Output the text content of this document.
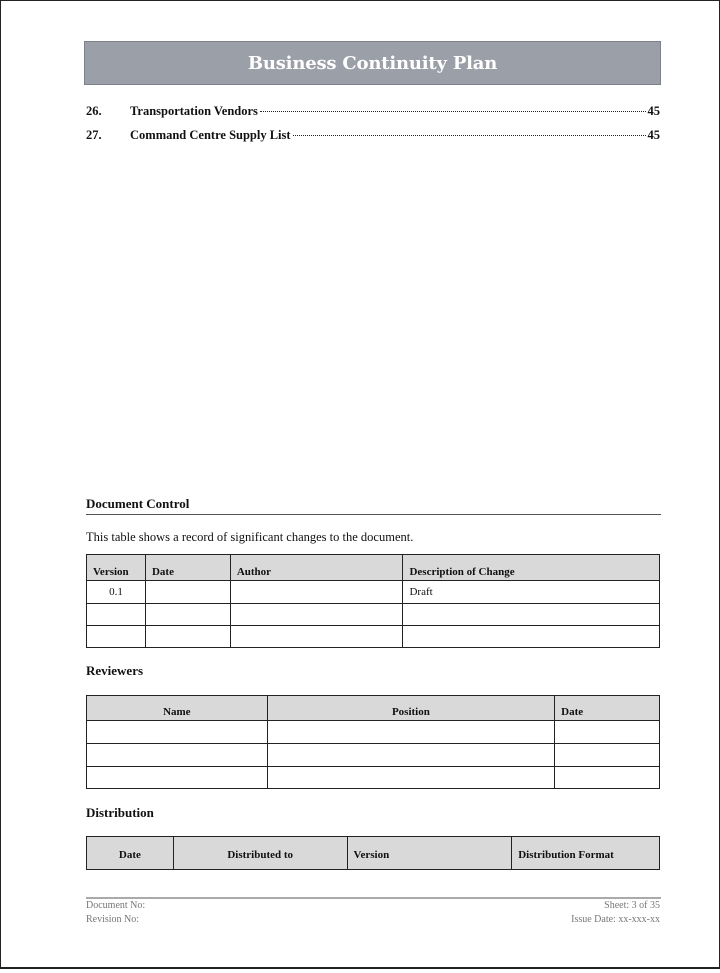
Business Continuity Plan
26.	Transportation Vendors	45
27.	Command Centre Supply List	45
Document Control
This table shows a record of significant changes to the document.
Version	Date	Author	Description of Change
0.1			Draft

Reviewers
Name	Position	Date

Distribution
Date	Distributed to	Version	Distribution Format
Document No:
Revision No:
Sheet: 3 of 35
Issue Date: xx-xxx-xx
